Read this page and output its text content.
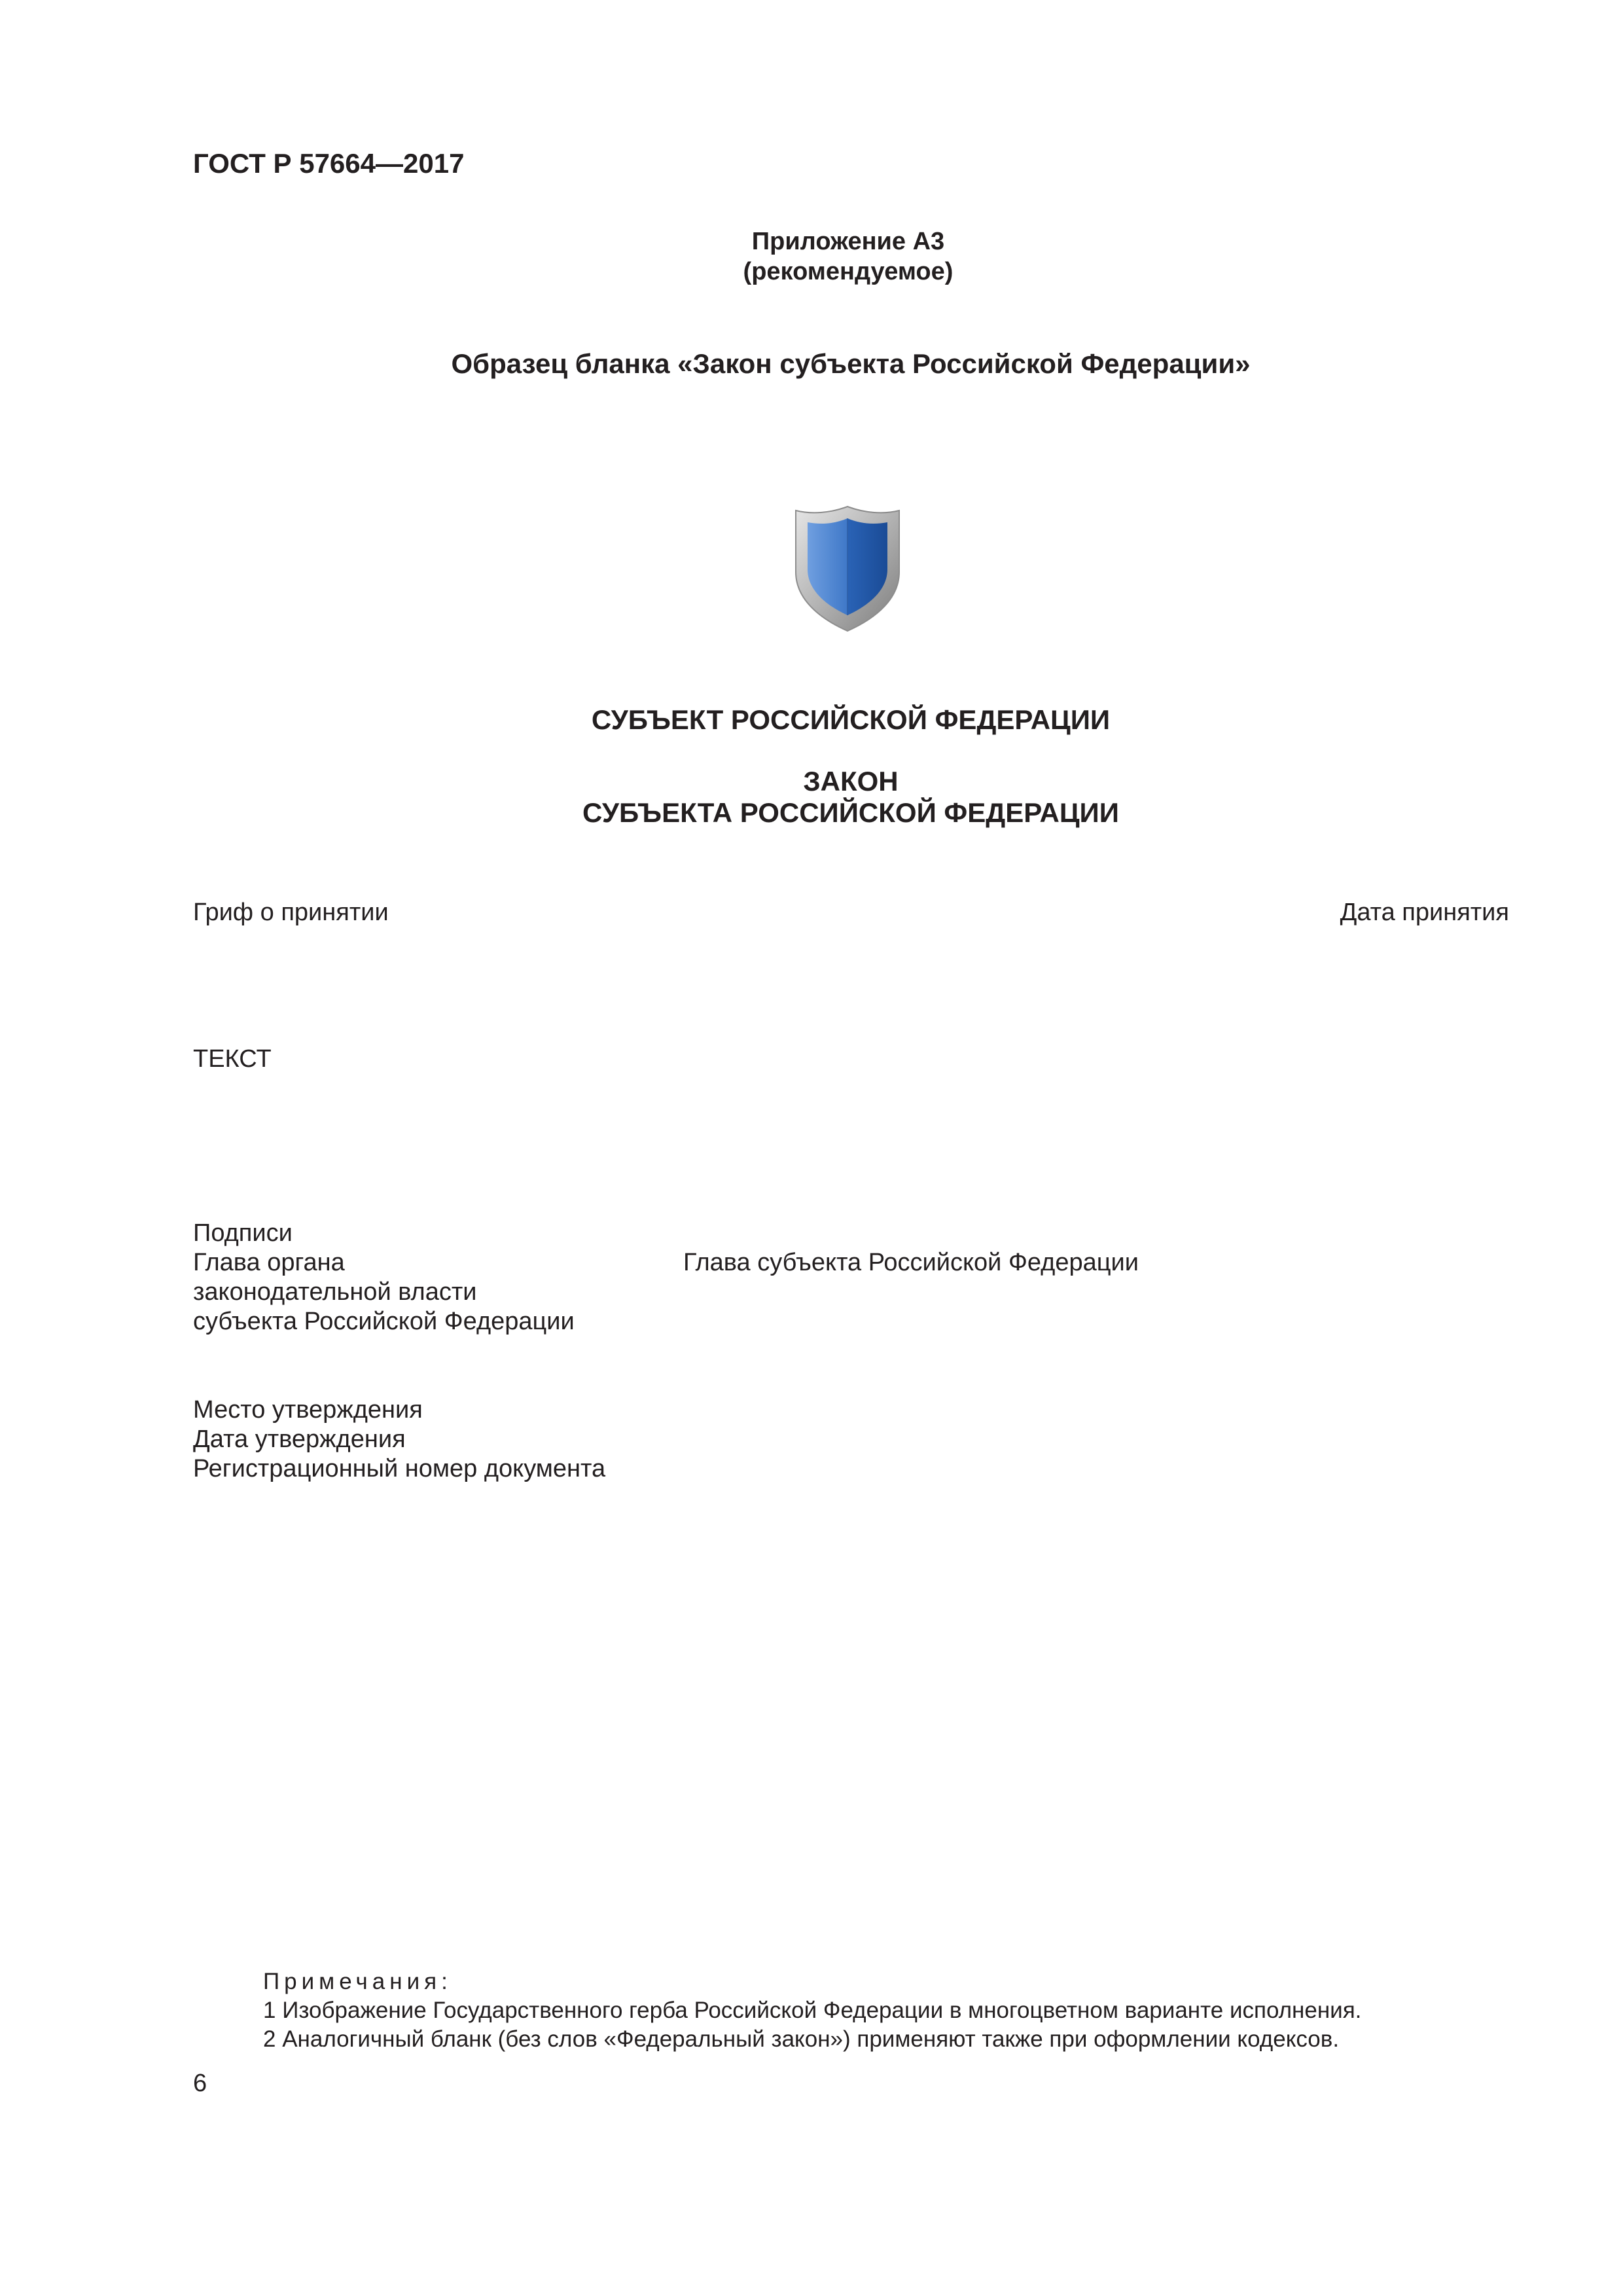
ГОСТ Р 57664—2017
Приложение А3
(рекомендуемое)
Образец бланка «Закон субъекта Российской Федерации»
СУБЪЕКТ РОССИЙСКОЙ ФЕДЕРАЦИИ
ЗАКОН
СУБЪЕКТА РОССИЙСКОЙ ФЕДЕРАЦИИ
Гриф о принятии	Дата принятия
ТЕКСТ
Подписи
Глава органа
законодательной власти
субъекта Российской Федерации
Глава субъекта Российской Федерации
Место утверждения
Дата утверждения
Регистрационный номер документа
Примечания:
1 Изображение Государственного герба Российской Федерации в многоцветном варианте исполнения.
2 Аналогичный бланк (без слов «Федеральный закон») применяют также при оформлении кодексов.
6
